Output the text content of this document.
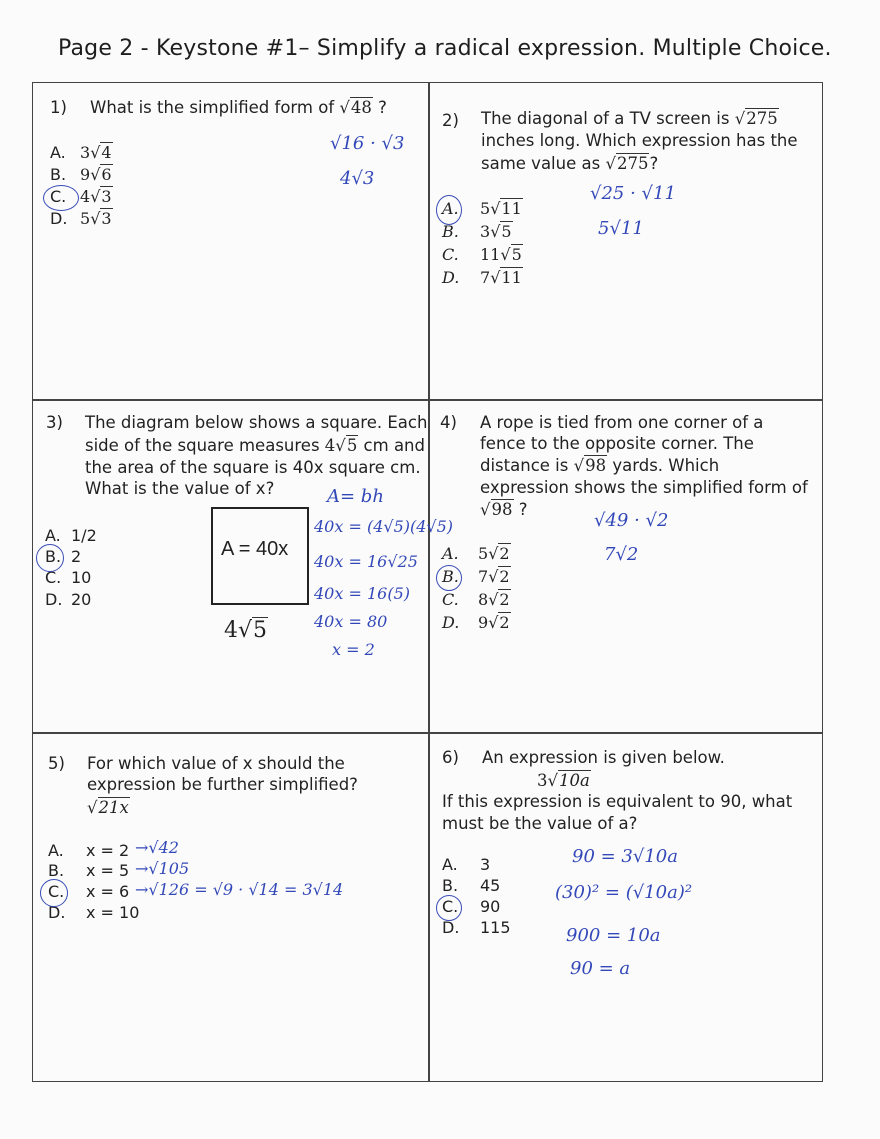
Page 2 - Keystone #1– Simplify a radical expression. Multiple Choice.
1) What is the simplified form of √48 ?
A. 3√4
B. 9√6
C. 4√3
D. 5√3
√16 · √3
4√3
2) The diagonal of a TV screen is √275
inches long. Which expression has the
same value as √275?
A. 5√11
B. 3√5
C. 11√5
D. 7√11
√25 · √11
5√11
3) The diagram below shows a square. Each
side of the square measures 4√5 cm and
the area of the square is 40x square cm.
What is the value of x?
A. 1/2
B. 2
C. 10
D. 20
A = 40x
4√5
A= bh
40x = (4√5)(4√5)
40x = 16√25
40x = 16(5)
40x = 80
x = 2
4) A rope is tied from one corner of a
fence to the opposite corner. The
distance is √98 yards. Which
expression shows the simplified form of
√98 ?
A. 5√2
B. 7√2
C. 8√2
D. 9√2
√49 · √2
7√2
5) For which value of x should the
expression be further simplified?
√21x
A. x = 2
B. x = 5
C. x = 6
D. x = 10
→√42
→√105
→√126 = √9 · √14 = 3√14
6) An expression is given below.
3√10a
If this expression is equivalent to 90, what
must be the value of a?
A. 3
B. 45
C. 90
D. 115
90 = 3√10a
(30)² = (√10a)²
900 = 10a
90 = a
